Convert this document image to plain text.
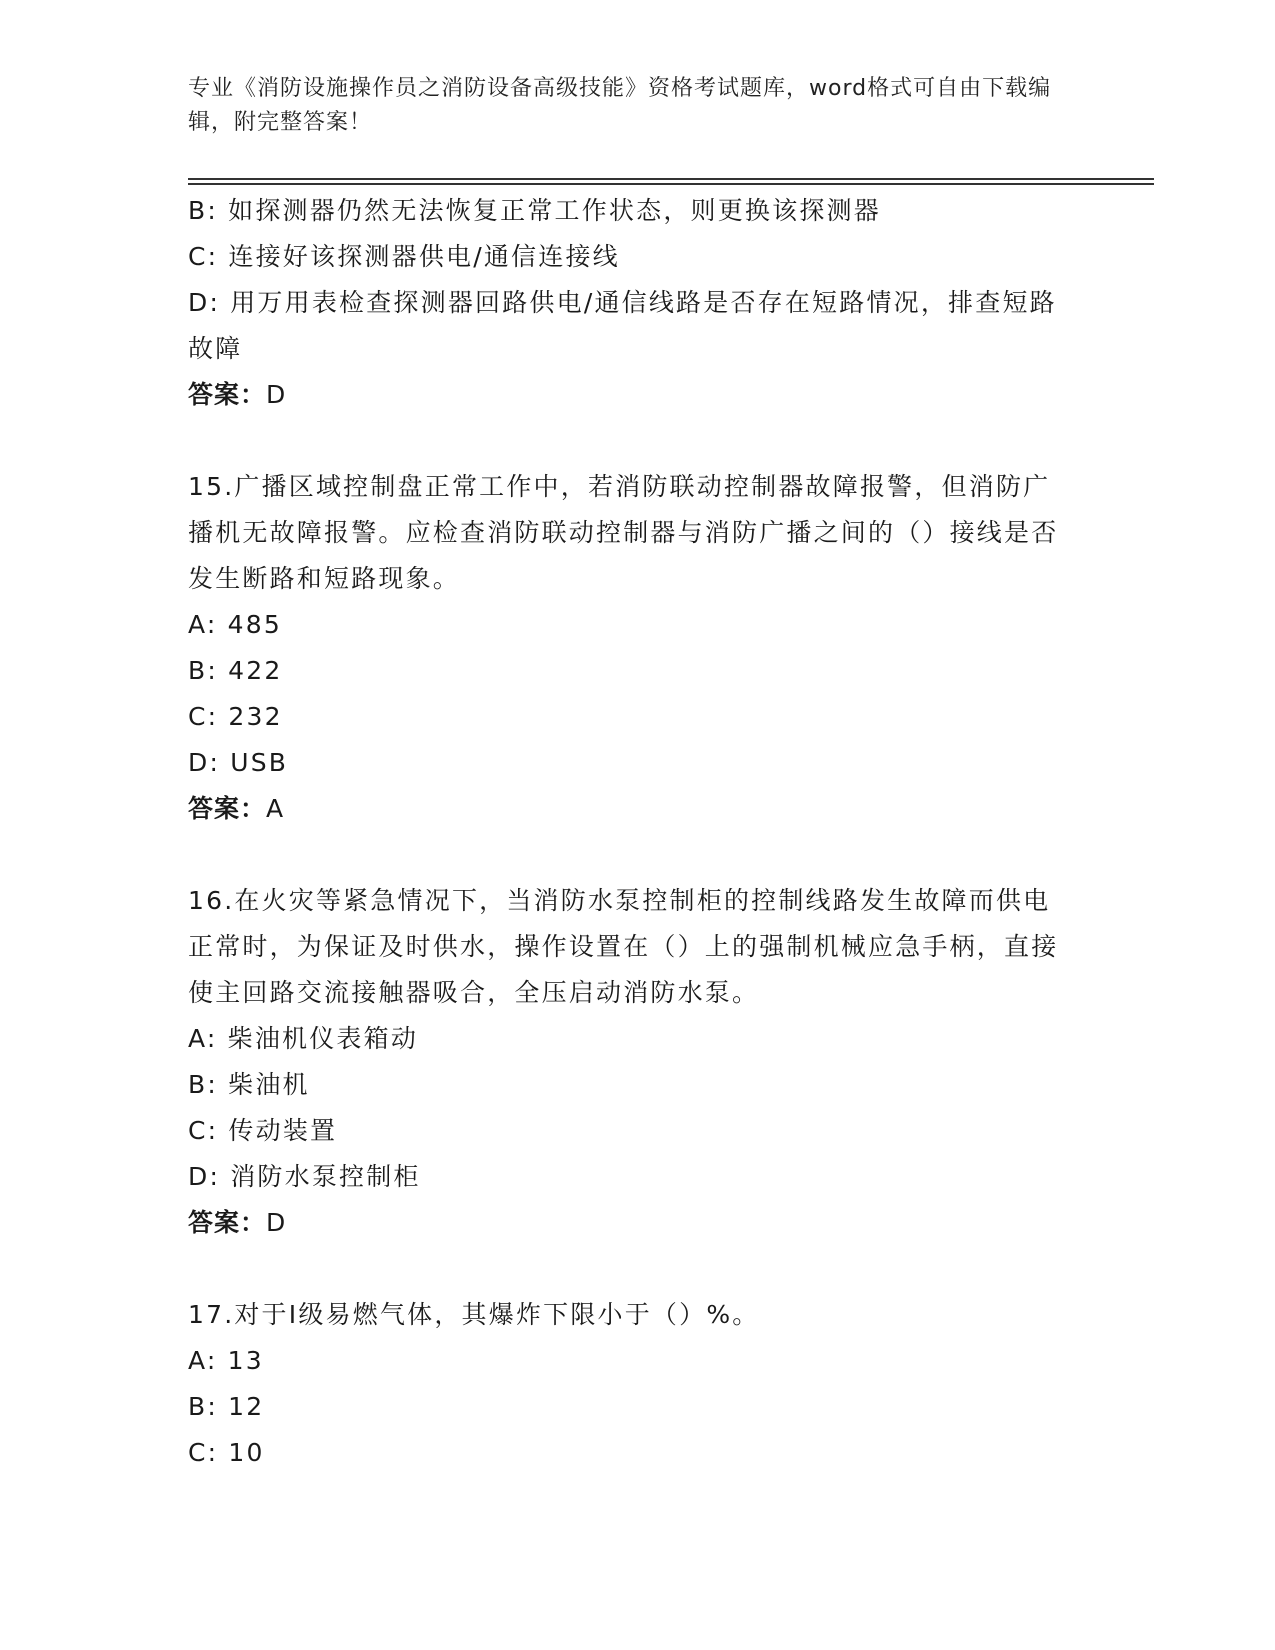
专业《消防设施操作员之消防设备高级技能》资格考试题库，word格式可自由下载编辑，附完整答案！

B: 如探测器仍然无法恢复正常工作状态，则更换该探测器

C: 连接好该探测器供电/通信连接线

D: 用万用表检查探测器回路供电/通信线路是否存在短路情况，排查短路故障

答案：D

15.广播区域控制盘正常工作中，若消防联动控制器故障报警，但消防广播机无故障报警。应检查消防联动控制器与消防广播之间的（）接线是否发生断路和短路现象。

A: 485

B: 422

C: 232

D: USB

答案：A

16.在火灾等紧急情况下，当消防水泵控制柜的控制线路发生故障而供电正常时，为保证及时供水，操作设置在（）上的强制机械应急手柄，直接使主回路交流接触器吸合，全压启动消防水泵。

A: 柴油机仪表箱动

B: 柴油机

C: 传动装置

D: 消防水泵控制柜

答案：D

17.对于Ⅰ级易燃气体，其爆炸下限小于（）%。

A: 13

B: 12

C: 10
